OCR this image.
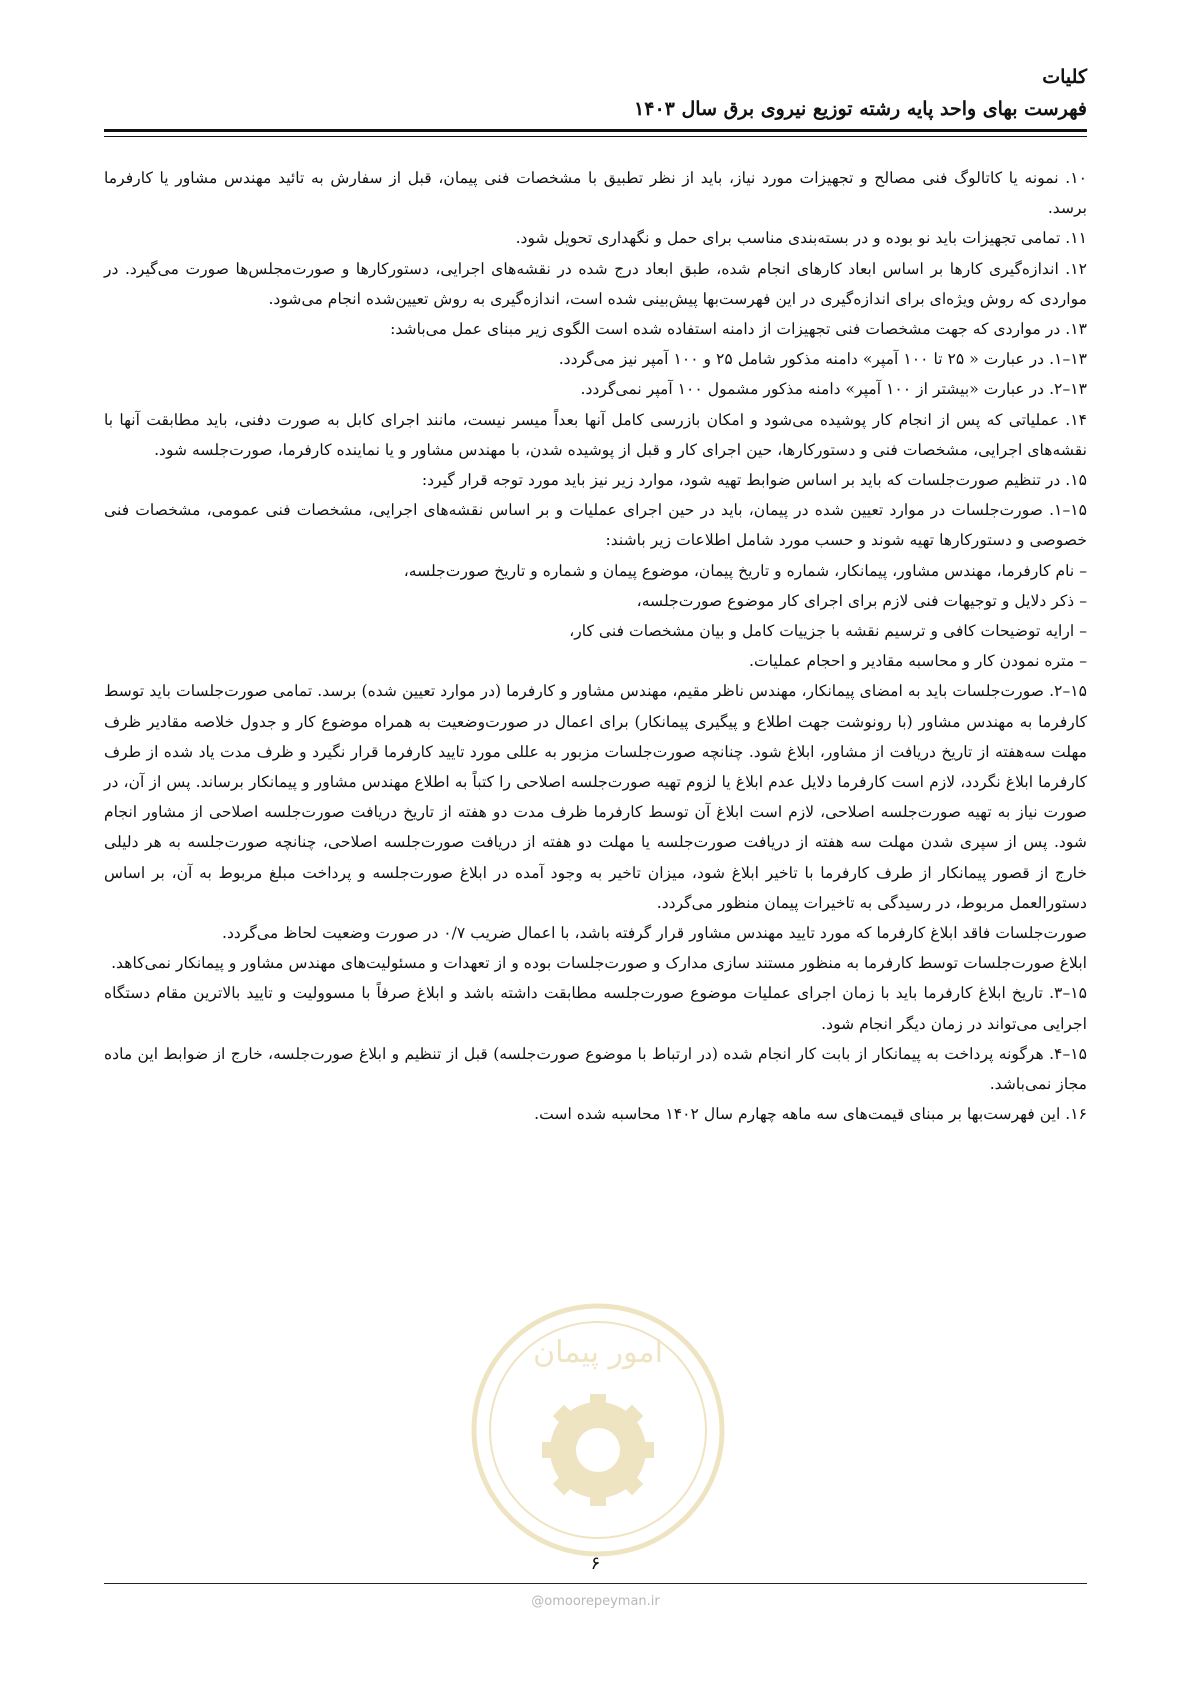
کلیات

فهرست بهای واحد پایه رشته توزیع نیروی برق سال ۱۴۰۳

۱۰. نمونه یا کاتالوگ فنی مصالح و تجهیزات مورد نیاز، باید از نظر تطبیق با مشخصات فنی پیمان، قبل از سفارش به تائید مهندس مشاور یا کارفرما برسد.

۱۱. تمامی تجهیزات باید نو بوده و در بسته‌بندی مناسب برای حمل و نگهداری تحویل شود.

۱۲. اندازه‌گیری کارها بر اساس ابعاد کارهای انجام شده، طبق ابعاد درج شده در نقشه‌های اجرایی، دستورکارها و صورت‌مجلس‌ها صورت می‌گیرد. در مواردی که روش ویژه‌ای برای اندازه‌گیری در این فهرست‌بها پیش‌بینی شده است، اندازه‌گیری به روش تعیین‌شده انجام می‌شود.

۱۳. در مواردی که جهت مشخصات فنی تجهیزات از دامنه استفاده شده است الگوی زیر مبنای عمل می‌باشد:

۱۳–۱. در عبارت « ۲۵ تا ۱۰۰ آمپر» دامنه مذکور شامل ۲۵ و ۱۰۰ آمپر نیز می‌گردد.

۱۳–۲. در عبارت «بیشتر از ۱۰۰ آمپر» دامنه مذکور مشمول ۱۰۰ آمپر نمی‌گردد.

۱۴. عملیاتی که پس از انجام کار پوشیده می‌شود و امکان بازرسی کامل آنها بعداً میسر نیست، مانند اجرای کابل به صورت دفنی، باید مطابقت آنها با نقشه‌های اجرایی، مشخصات فنی و دستورکارها، حین اجرای کار و قبل از پوشیده شدن، با مهندس مشاور و یا نماینده کارفرما، صورت‌جلسه شود.

۱۵. در تنظیم صورت‌جلسات که باید بر اساس ضوابط تهیه شود، موارد زیر نیز باید مورد توجه قرار گیرد:

۱۵–۱. صورت‌جلسات در موارد تعیین شده در پیمان، باید در حین اجرای عملیات و بر اساس نقشه‌های اجرایی، مشخصات فنی عمومی، مشخصات فنی خصوصی و دستورکارها تهیه شوند و حسب مورد شامل اطلاعات زیر باشند:

– نام کارفرما، مهندس مشاور، پیمانکار، شماره و تاریخ پیمان، موضوع پیمان و شماره و تاریخ صورت‌جلسه،

– ذکر دلایل و توجیهات فنی لازم برای اجرای کار موضوع صورت‌جلسه،

– ارایه توضیحات کافی و ترسیم نقشه با جزییات کامل و بیان مشخصات فنی کار،

– متره نمودن کار و محاسبه مقادیر و احجام عملیات.

۱۵–۲. صورت‌جلسات باید به امضای پیمانکار، مهندس ناظر مقیم، مهندس مشاور و کارفرما (در موارد تعیین شده) برسد. تمامی صورت‌جلسات باید توسط کارفرما به مهندس مشاور (با رونوشت جهت اطلاع و پیگیری پیمانکار) برای اعمال در صورت‌وضعیت به همراه موضوع کار و جدول خلاصه مقادیر ظرف مهلت سه‌هفته از تاریخ دریافت از مشاور، ابلاغ شود. چنانچه صورت‌جلسات مزبور به عللی مورد تایید کارفرما قرار نگیرد و ظرف مدت یاد شده از طرف کارفرما ابلاغ نگردد، لازم است کارفرما دلایل عدم ابلاغ یا لزوم تهیه صورت‌جلسه اصلاحی را کتباً به اطلاع مهندس مشاور و پیمانکار برساند. پس از آن، در صورت نیاز به تهیه صورت‌جلسه اصلاحی، لازم است ابلاغ آن توسط کارفرما ظرف مدت دو هفته از تاریخ دریافت صورت‌جلسه اصلاحی از مشاور انجام شود. پس از سپری شدن مهلت سه هفته از دریافت صورت‌جلسه یا مهلت دو هفته از دریافت صورت‌جلسه اصلاحی، چنانچه صورت‌جلسه به هر دلیلی خارج از قصور پیمانکار از طرف کارفرما با تاخیر ابلاغ شود، میزان تاخیر به وجود آمده در ابلاغ صورت‌جلسه و پرداخت مبلغ مربوط به آن، بر اساس دستورالعمل مربوط، در رسیدگی به تاخیرات پیمان منظور می‌گردد.

صورت‌جلسات فاقد ابلاغ کارفرما که مورد تایید مهندس مشاور قرار گرفته باشد، با اعمال ضریب ۰/۷ در صورت وضعیت لحاظ می‌گردد.

ابلاغ صورت‌جلسات توسط کارفرما به منظور مستند سازی مدارک و صورت‌جلسات بوده و از تعهدات و مسئولیت‌های مهندس مشاور و پیمانکار نمی‌کاهد.

۱۵–۳. تاریخ ابلاغ کارفرما باید با زمان اجرای عملیات موضوع صورت‌جلسه مطابقت داشته باشد و ابلاغ صرفاً با مسوولیت و تایید بالاترین مقام دستگاه اجرایی می‌تواند در زمان دیگر انجام شود.

۱۵–۴. هرگونه پرداخت به پیمانکار از بابت کار انجام شده (در ارتباط با موضوع صورت‌جلسه) قبل از تنظیم و ابلاغ صورت‌جلسه، خارج از ضوابط این ماده مجاز نمی‌باشد.

۱۶. این فهرست‌بها بر مبنای قیمت‌های سه ماهه چهارم سال ۱۴۰۲ محاسبه شده است.

امور پیمان
۶
@omoorepeyman.ir
